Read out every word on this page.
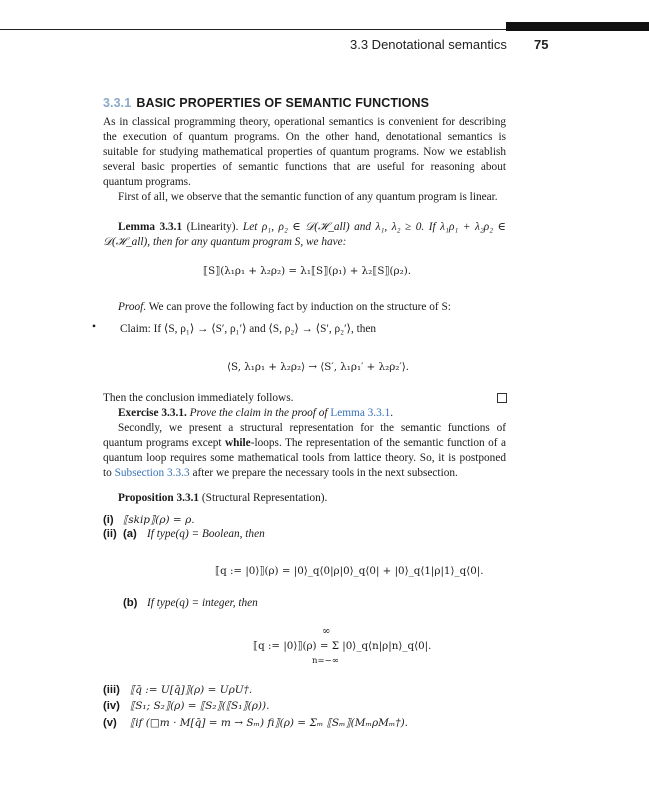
3.3 Denotational semantics 75
3.3.1 BASIC PROPERTIES OF SEMANTIC FUNCTIONS
As in classical programming theory, operational semantics is convenient for describing the execution of quantum programs. On the other hand, denotational semantics is suitable for studying mathematical properties of quantum programs. Now we establish several basic properties of semantic functions that are useful for reasoning about quantum programs.
First of all, we observe that the semantic function of any quantum program is linear.
Lemma 3.3.1 (Linearity). Let ρ₁, ρ₂ ∈ 𝒟(ℋ_all) and λ₁, λ₂ ≥ 0. If λ₁ρ₁ + λ₂ρ₂ ∈ 𝒟(ℋ_all), then for any quantum program S, we have:
⟦S⟧(λ₁ρ₁ + λ₂ρ₂) = λ₁⟦S⟧(ρ₁) + λ₂⟦S⟧(ρ₂).
Proof. We can prove the following fact by induction on the structure of S:
• Claim: If ⟨S, ρ₁⟩ → ⟨S′, ρ₁′⟩ and ⟨S, ρ₂⟩ → ⟨S′, ρ₂′⟩, then
⟨S, λ₁ρ₁ + λ₂ρ₂⟩ → ⟨S′, λ₁ρ₁′ + λ₂ρ₂′⟩.
Then the conclusion immediately follows.
Exercise 3.3.1. Prove the claim in the proof of Lemma 3.3.1.
Secondly, we present a structural representation for the semantic functions of quantum programs except while-loops. The representation of the semantic function of a quantum loop requires some mathematical tools from lattice theory. So, it is postponed to Subsection 3.3.3 after we prepare the necessary tools in the next subsection.
Proposition 3.3.1 (Structural Representation).
(i) ⟦skip⟧(ρ) = ρ.
(ii) (a) If type(q) = Boolean, then
⟦q := |0⟩⟧(ρ) = |0⟩_q⟨0|ρ|0⟩_q⟨0| + |0⟩_q⟨1|ρ|1⟩_q⟨0|.
(b) If type(q) = integer, then
∞
⟦q := |0⟩⟧(ρ) = Σ |0⟩_q⟨n|ρ|n⟩_q⟨0|.
n=−∞
(iii) ⟦q̄ := U[q̄]⟧(ρ) = UρU†.
(iv) ⟦S₁; S₂⟧(ρ) = ⟦S₂⟧(⟦S₁⟧(ρ)).
(v) ⟦if (□m · M[q̄] = m → Sₘ) fi⟧(ρ) = Σₘ ⟦Sₘ⟧(MₘρMₘ†).
